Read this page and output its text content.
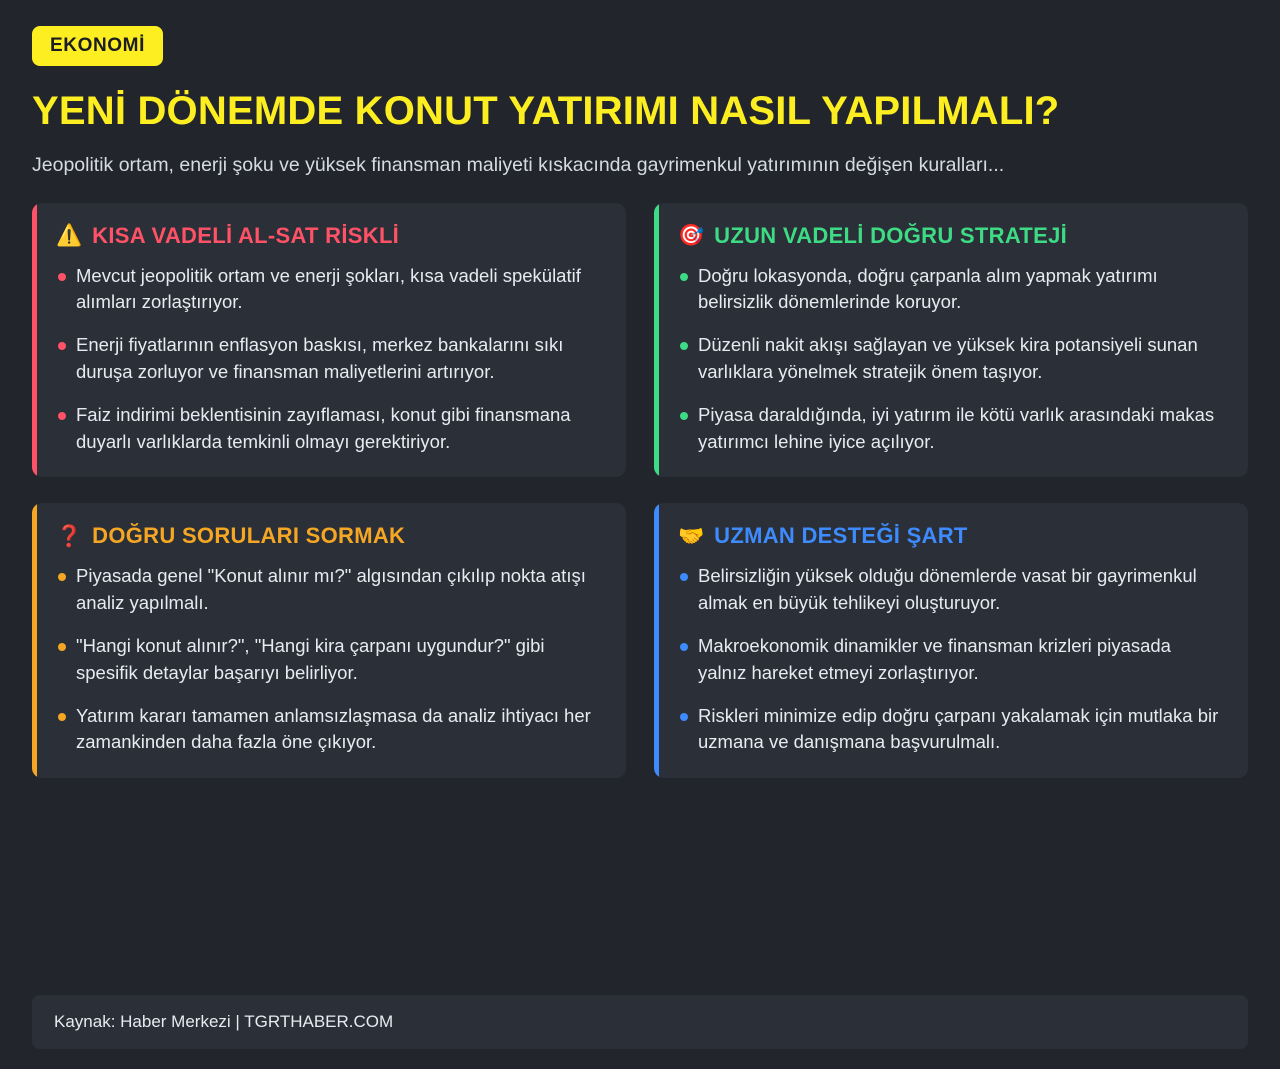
EKONOMİ
YENİ DÖNEMDE KONUT YATIRIMI NASIL YAPILMALI?

Jeopolitik ortam, enerji şoku ve yüksek finansman maliyeti kıskacında gayrimenkul yatırımının değişen kuralları...

⚠️ KISA VADELİ AL-SAT RİSKLİ
Mevcut jeopolitik ortam ve enerji şokları, kısa vadeli spekülatif alımları zorlaştırıyor.
Enerji fiyatlarının enflasyon baskısı, merkez bankalarını sıkı duruşa zorluyor ve finansman maliyetlerini artırıyor.
Faiz indirimi beklentisinin zayıflaması, konut gibi finansmana duyarlı varlıklarda temkinli olmayı gerektiriyor.
🎯 UZUN VADELİ DOĞRU STRATEJİ
Doğru lokasyonda, doğru çarpanla alım yapmak yatırımı belirsizlik dönemlerinde koruyor.
Düzenli nakit akışı sağlayan ve yüksek kira potansiyeli sunan varlıklara yönelmek stratejik önem taşıyor.
Piyasa daraldığında, iyi yatırım ile kötü varlık arasındaki makas yatırımcı lehine iyice açılıyor.
❓ DOĞRU SORULARI SORMAK
Piyasada genel "Konut alınır mı?" algısından çıkılıp nokta atışı analiz yapılmalı.
"Hangi konut alınır?", "Hangi kira çarpanı uygundur?" gibi spesifik detaylar başarıyı belirliyor.
Yatırım kararı tamamen anlamsızlaşmasa da analiz ihtiyacı her zamankinden daha fazla öne çıkıyor.
🤝 UZMAN DESTEĞİ ŞART
Belirsizliğin yüksek olduğu dönemlerde vasat bir gayrimenkul almak en büyük tehlikeyi oluşturuyor.
Makroekonomik dinamikler ve finansman krizleri piyasada yalnız hareket etmeyi zorlaştırıyor.
Riskleri minimize edip doğru çarpanı yakalamak için mutlaka bir uzmana ve danışmana başvurulmalı.
Kaynak: Haber Merkezi | TGRTHABER.COM
